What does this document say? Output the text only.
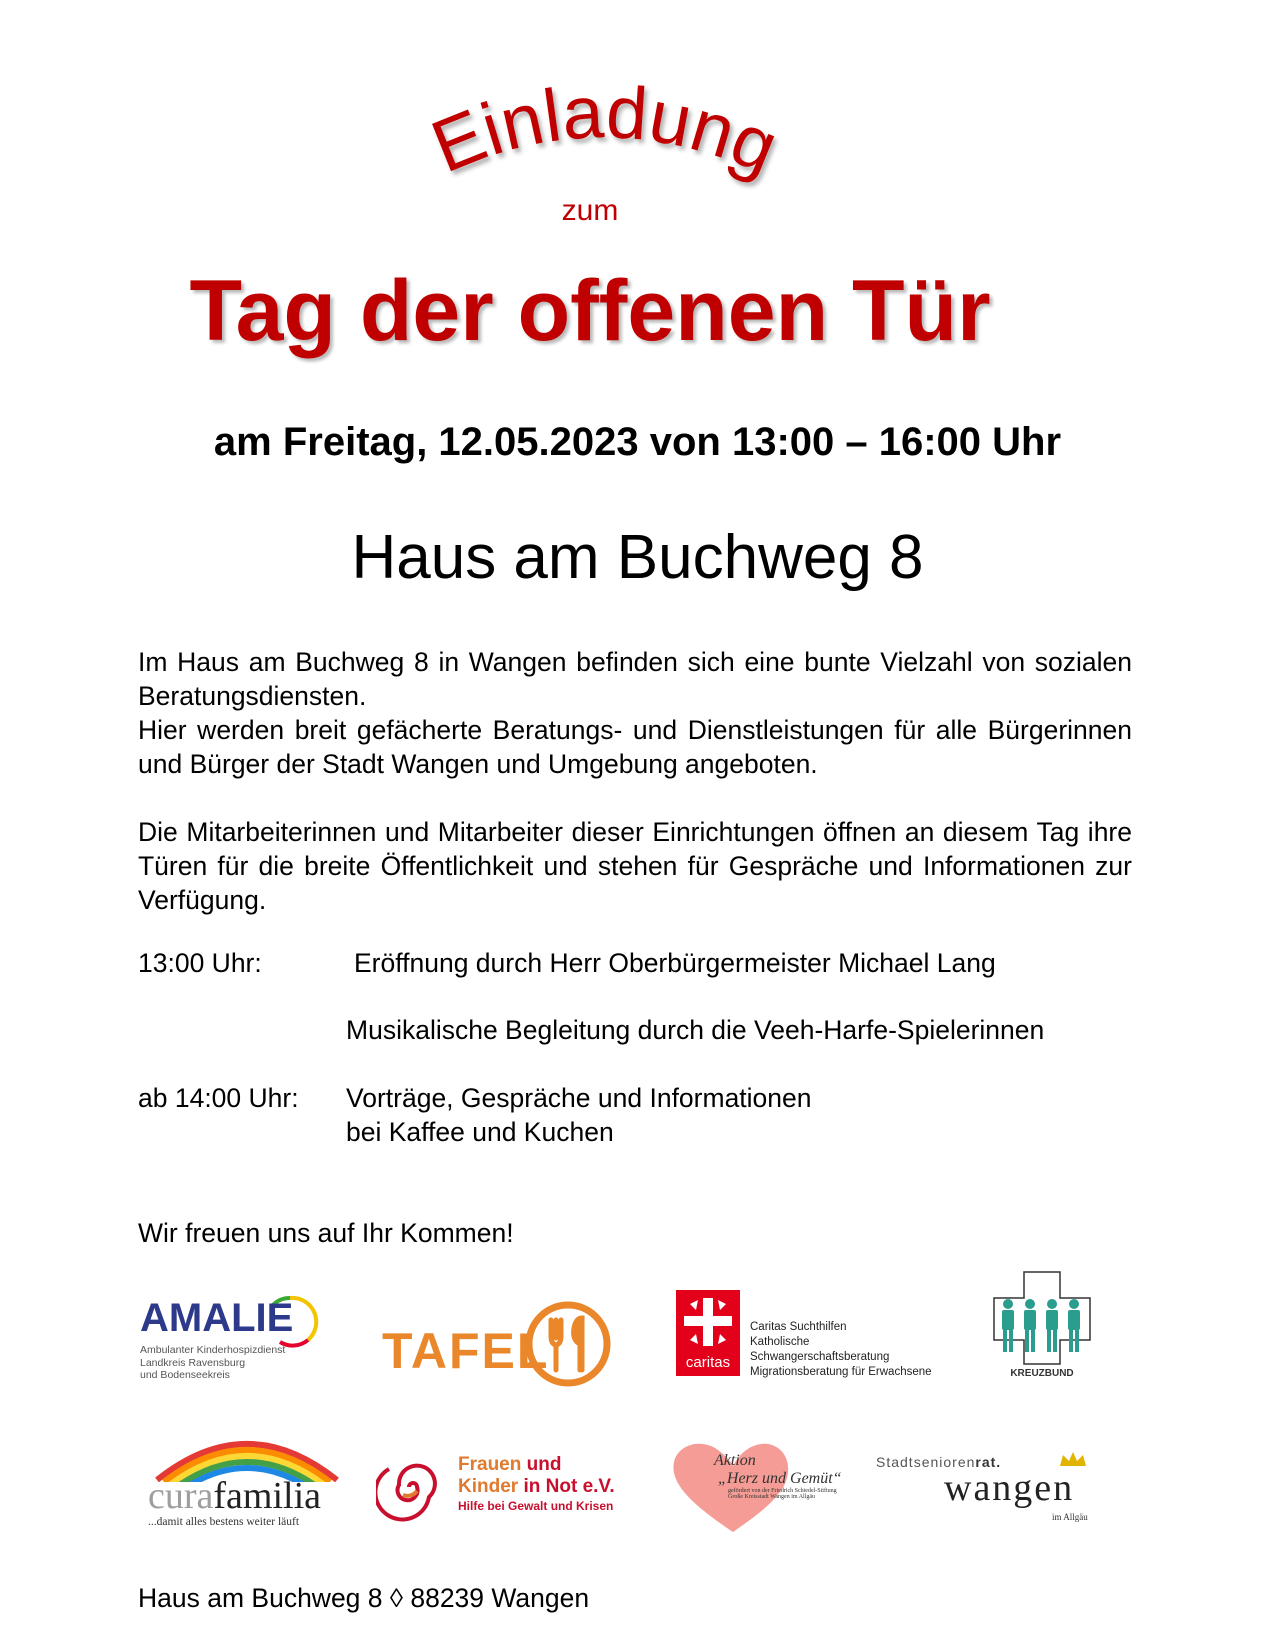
Einladung
zum
Tag der offenen Tür
am Freitag, 12.05.2023 von 13:00 – 16:00 Uhr
Haus am Buchweg 8
Im Haus am Buchweg 8 in Wangen befinden sich eine bunte Vielzahl von sozialen Beratungsdiensten.
Hier werden breit gefächerte Beratungs- und Dienstleistungen für alle Bürgerinnen und Bürger der Stadt Wangen und Umgebung angeboten.
Die Mitarbeiterinnen und Mitarbeiter dieser Einrichtungen öffnen an diesem Tag ihre Türen für die breite Öffentlichkeit und stehen für Gespräche und Informationen zur Verfügung.
13:00 Uhr:	Eröffnung durch Herr Oberbürgermeister Michael Lang
Musikalische Begleitung durch die Veeh-Harfe-Spielerinnen
ab 14:00 Uhr: Vorträge, Gespräche und Informationen
bei Kaffee und Kuchen
Wir freuen uns auf Ihr Kommen!
AMALIE
Ambulanter Kinderhospizdienst
Landkreis Ravensburg
und Bodenseekreis	TAFEL	caritas
Caritas Suchthilfen
Katholische
Schwangerschaftsberatung
Migrationsberatung für Erwachsene	KREUZBUND
curafamilia
...damit alles bestens weiter läuft
Frauen und
Kinder in Not e.V.
Hilfe bei Gewalt und Krisen
Aktion
„Herz und Gemüt“
gefördert von der Friedrich Schiedel-Stiftung
Große Kreisstadt Wangen im Allgäu
Stadtseniorenrat.
wangen
im Allgäu
Haus am Buchweg 8 ◊ 88239 Wangen
